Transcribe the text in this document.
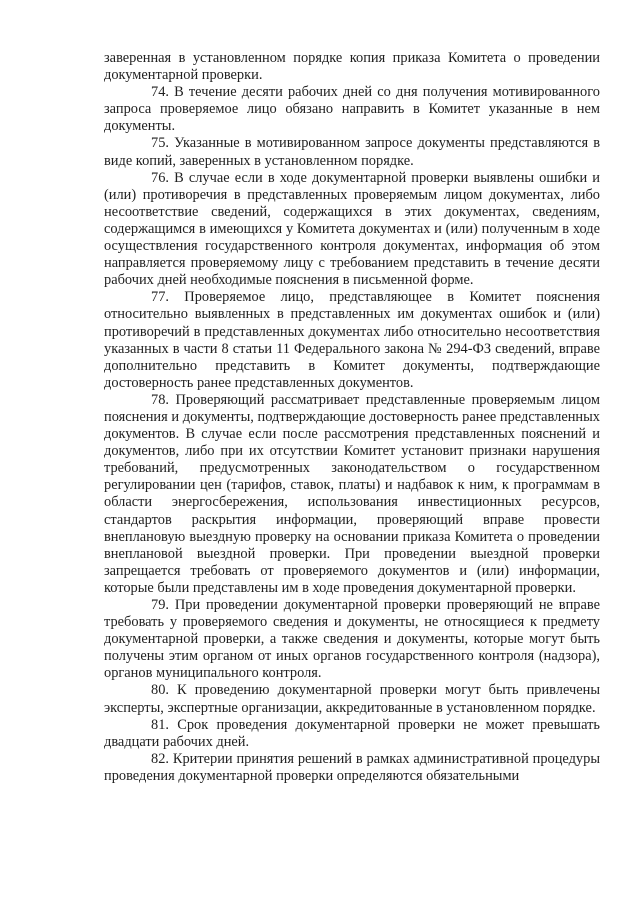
заверенная в установленном порядке копия приказа Комитета о проведении документарной проверки.

74. В течение десяти рабочих дней со дня получения мотивированного запроса проверяемое лицо обязано направить в Комитет указанные в нем документы.

75. Указанные в мотивированном запросе документы представляются в виде копий, заверенных в установленном порядке.

76. В случае если в ходе документарной проверки выявлены ошибки и (или) противоречия в представленных проверяемым лицом документах, либо несоответствие сведений, содержащихся в этих документах, сведениям, содержащимся в имеющихся у Комитета документах и (или) полученным в ходе осуществления государственного контроля документах, информация об этом направляется проверяемому лицу с требованием представить в течение десяти рабочих дней необходимые пояснения в письменной форме.

77. Проверяемое лицо, представляющее в Комитет пояснения относительно выявленных в представленных им документах ошибок и (или) противоречий в представленных документах либо относительно несоответствия указанных в части 8 статьи 11 Федерального закона № 294-ФЗ сведений, вправе дополнительно представить в Комитет документы, подтверждающие достоверность ранее представленных документов.

78. Проверяющий рассматривает представленные проверяемым лицом пояснения и документы, подтверждающие достоверность ранее представленных документов. В случае если после рассмотрения представленных пояснений и документов, либо при их отсутствии Комитет установит признаки нарушения требований, предусмотренных законодательством о государственном регулировании цен (тарифов, ставок, платы) и надбавок к ним, к программам в области энергосбережения, использования инвестиционных ресурсов, стандартов раскрытия информации, проверяющий вправе провести внеплановую выездную проверку на основании приказа Комитета о проведении внеплановой выездной проверки. При проведении выездной проверки запрещается требовать от проверяемого документов и (или) информации, которые были представлены им в ходе проведения документарной проверки.

79. При проведении документарной проверки проверяющий не вправе требовать у проверяемого сведения и документы, не относящиеся к предмету документарной проверки, а также сведения и документы, которые могут быть получены этим органом от иных органов государственного контроля (надзора), органов муниципального контроля.

80. К проведению документарной проверки могут быть привлечены эксперты, экспертные организации, аккредитованные в установленном порядке.

81. Срок проведения документарной проверки не может превышать двадцати рабочих дней.

82. Критерии принятия решений в рамках административной процедуры проведения документарной проверки определяются обязательными
